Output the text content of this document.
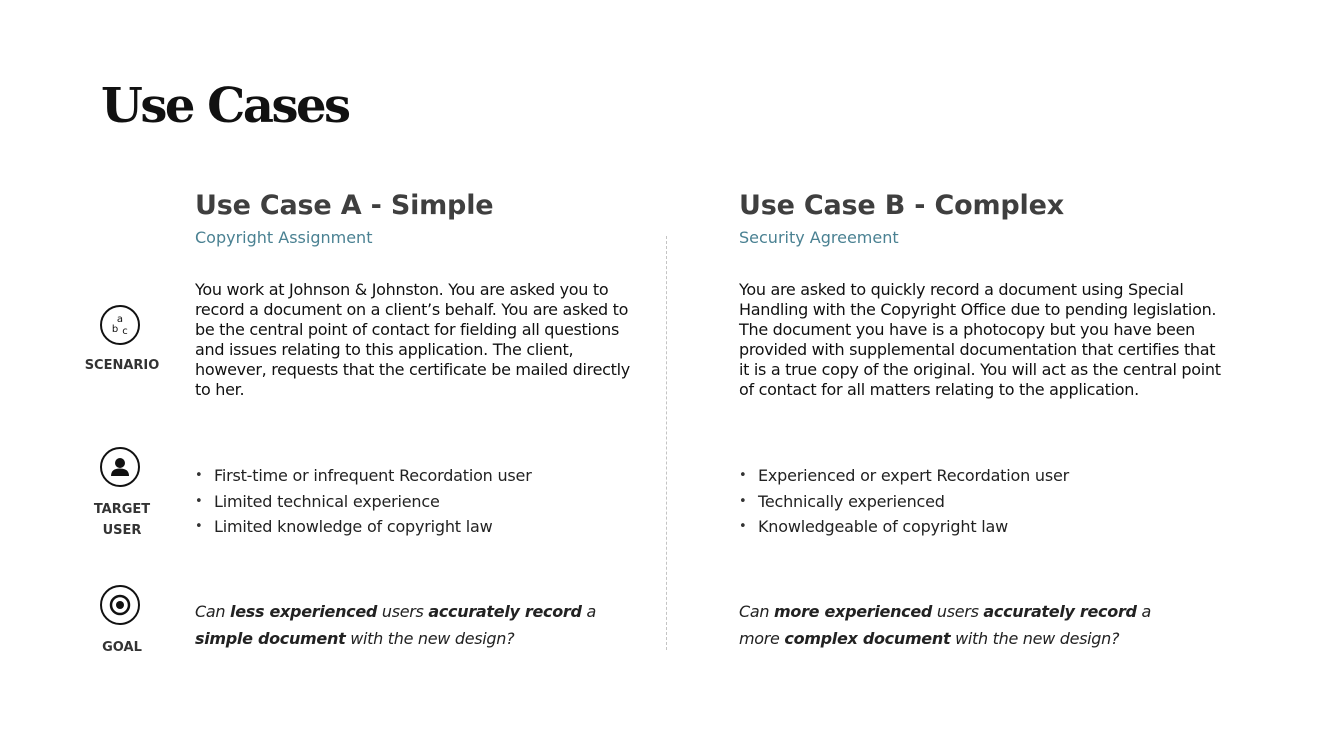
Use Cases
a
b c
SCENARIO
TARGET
USER
GOAL
Use Case A - Simple
Copyright Assignment
You work at Johnson & Johnston. You are asked you to record a document on a client’s behalf. You are asked to be the central point of contact for fielding all questions and issues relating to this application. The client, however, requests that the certificate be mailed directly to her.
• First-time or infrequent Recordation user
• Limited technical experience
• Limited knowledge of copyright law
Can less experienced users accurately record a simple document with the new design?
Use Case B - Complex
Security Agreement
You are asked to quickly record a document using Special Handling with the Copyright Office due to pending legislation. The document you have is a photocopy but you have been provided with supplemental documentation that certifies that it is a true copy of the original. You will act as the central point of contact for all matters relating to the application.
• Experienced or expert Recordation user
• Technically experienced
• Knowledgeable of copyright law
Can more experienced users accurately record a more complex document with the new design?
